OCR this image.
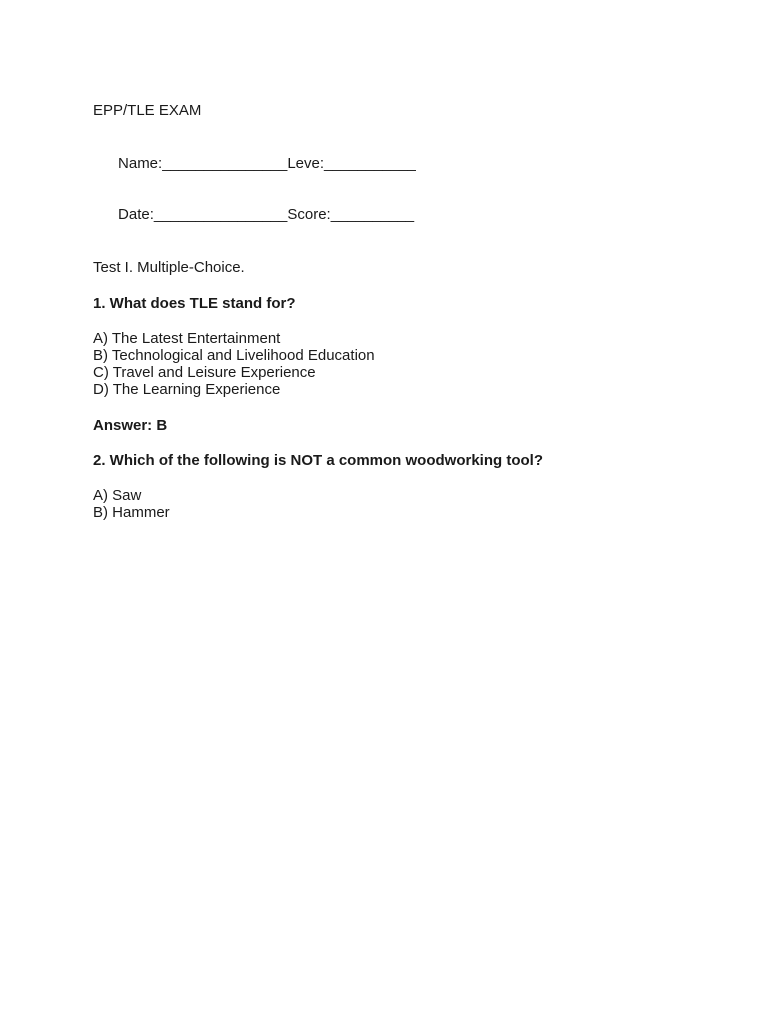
EPP/TLE EXAM

Name:_______________Leve:___________

Date:________________Score:__________

Test I. Multiple-Choice.
1. What does TLE stand for?
A) The Latest Entertainment
B) Technological and Livelihood Education
C) Travel and Leisure Experience
D) The Learning Experience
Answer: B
2. Which of the following is NOT a common woodworking tool?
A) Saw
B) Hammer
